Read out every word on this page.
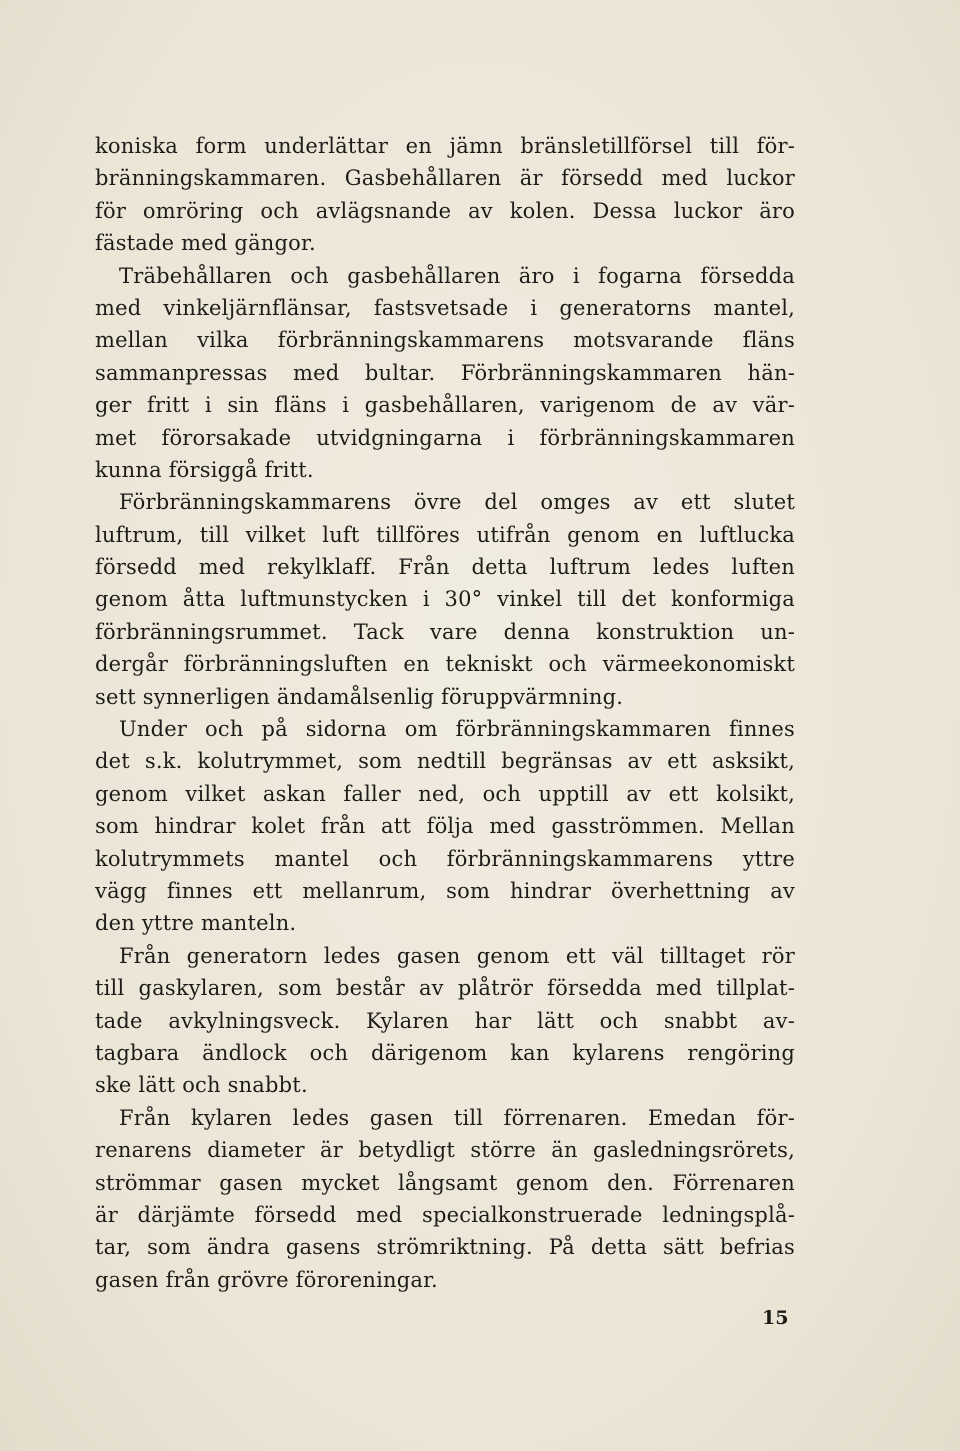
koniska form underlättar en jämn bränsletillförsel till för-
bränningskammaren. Gasbehållaren är försedd med luckor
för omröring och avlägsnande av kolen. Dessa luckor äro
fästade med gängor.
Träbehållaren och gasbehållaren äro i fogarna försedda
med vinkeljärnflänsar, fastsvetsade i generatorns mantel,
mellan vilka förbränningskammarens motsvarande fläns
sammanpressas med bultar. Förbränningskammaren hän-
ger fritt i sin fläns i gasbehållaren, varigenom de av vär-
met förorsakade utvidgningarna i förbränningskammaren
kunna försiggå fritt.
Förbränningskammarens övre del omges av ett slutet
luftrum, till vilket luft tillföres utifrån genom en luftlucka
försedd med rekylklaff. Från detta luftrum ledes luften
genom åtta luftmunstycken i 30° vinkel till det konformiga
förbränningsrummet. Tack vare denna konstruktion un-
dergår förbränningsluften en tekniskt och värmeekonomiskt
sett synnerligen ändamålsenlig föruppvärmning.
Under och på sidorna om förbränningskammaren finnes
det s.k. kolutrymmet, som nedtill begränsas av ett asksikt,
genom vilket askan faller ned, och upptill av ett kolsikt,
som hindrar kolet från att följa med gasströmmen. Mellan
kolutrymmets mantel och förbränningskammarens yttre
vägg finnes ett mellanrum, som hindrar överhettning av
den yttre manteln.
Från generatorn ledes gasen genom ett väl tilltaget rör
till gaskylaren, som består av plåtrör försedda med tillplat-
tade avkylningsveck. Kylaren har lätt och snabbt av-
tagbara ändlock och därigenom kan kylarens rengöring
ske lätt och snabbt.
Från kylaren ledes gasen till förrenaren. Emedan för-
renarens diameter är betydligt större än gasledningsrörets,
strömmar gasen mycket långsamt genom den. Förrenaren
är därjämte försedd med specialkonstruerade ledningsplå-
tar, som ändra gasens strömriktning. På detta sätt befrias
gasen från grövre föroreningar.
15
